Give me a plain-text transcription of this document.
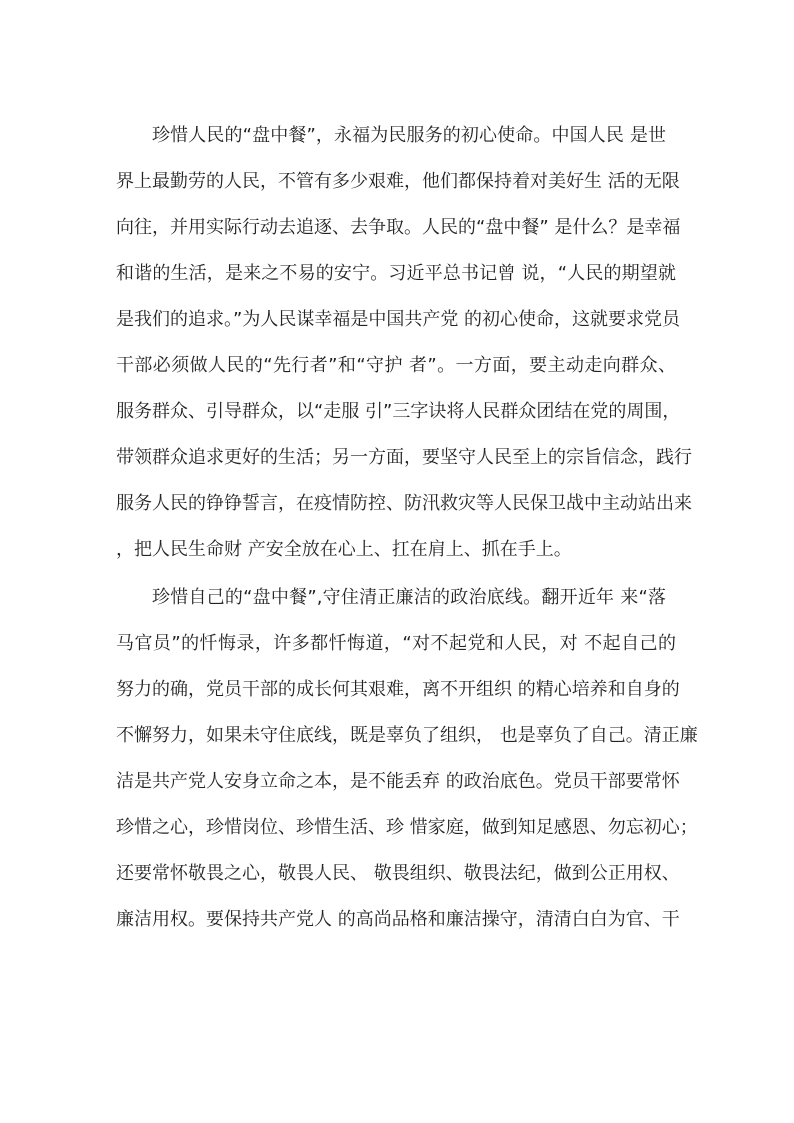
珍惜人民的“盘中餐”，永福为民服务的初心使命。中国人民 是世
界上最勤劳的人民，不管有多少艰难，他们都保持着对美好生 活的无限
向往，并用实际行动去追逐、去争取。人民的“盘中餐” 是什么？是幸福
和谐的生活，是来之不易的安宁。习近平总书记曾 说，“人民的期望就
是我们的追求。”为人民谋幸福是中国共产党 的初心使命，这就要求党员
干部必须做人民的“先行者”和“守护 者”。一方面，要主动走向群众、
服务群众、引导群众，以“走服 引”三字诀将人民群众团结在党的周围，
带领群众追求更好的生活；另一方面，要坚守人民至上的宗旨信念，践行
服务人民的铮铮誓言，在疫情防控、防汛救灾等人民保卫战中主动站出来
，把人民生命财 产安全放在心上、扛在肩上、抓在手上。
珍惜自己的“盘中餐”,守住清正廉洁的政治底线。翻开近年 来“落
马官员”的忏悔录，许多都忏悔道，“对不起党和人民，对 不起自己的
努力的确，党员干部的成长何其艰难，离不开组织 的精心培养和自身的
不懈努力，如果未守住底线，既是辜负了组织， 也是辜负了自己。清正廉
洁是共产党人安身立命之本，是不能丢弃 的政治底色。党员干部要常怀
珍惜之心，珍惜岗位、珍惜生活、珍 惜家庭，做到知足感恩、勿忘初心；
还要常怀敬畏之心，敬畏人民、 敬畏组织、敬畏法纪，做到公正用权、
廉洁用权。要保持共产党人 的高尚品格和廉洁操守，清清白白为官、干
